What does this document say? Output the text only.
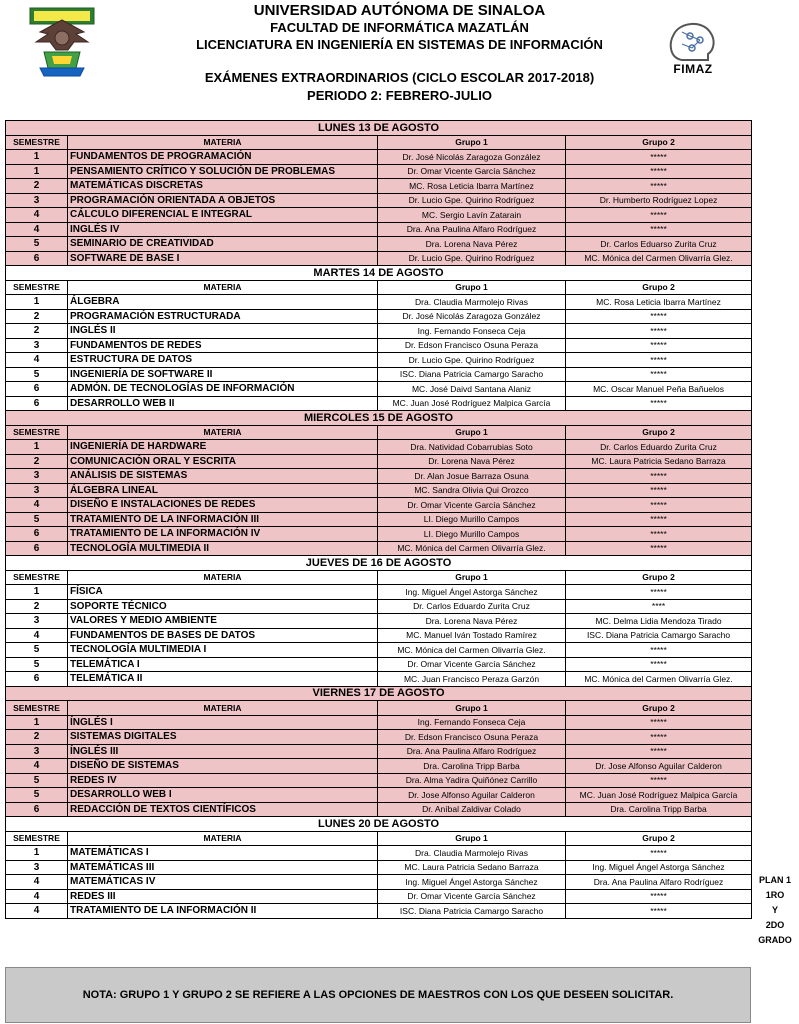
UNIVERSIDAD AUTÓNOMA DE SINALOA
FACULTAD DE INFORMÁTICA MAZATLÁN
LICENCIATURA EN INGENIERÍA EN SISTEMAS DE INFORMACIÓN
EXÁMENES EXTRAORDINARIOS (CICLO ESCOLAR 2017-2018)
PERIODO 2: FEBRERO-JULIO
FIMAZ
LUNES 13 DE AGOSTO			
SEMESTRE	MATERIA	Grupo 1	Grupo 2
1	FUNDAMENTOS DE PROGRAMACIÓN	Dr. José Nicolás Zaragoza González	*****
1	PENSAMIENTO CRÍTICO Y SOLUCIÓN DE PROBLEMAS	Dr. Omar Vicente García Sánchez	*****
2	MATEMÁTICAS DISCRETAS	MC. Rosa Leticia Ibarra Martínez	*****
3	PROGRAMACIÓN ORIENTADA A OBJETOS	Dr. Lucio Gpe. Quirino Rodríguez	Dr. Humberto Rodríguez Lopez
4	CÁLCULO DIFERENCIAL E INTEGRAL	MC. Sergio Lavín Zatarain	*****
4	INGLÉS IV	Dra. Ana Paulina Alfaro Rodríguez	*****
5	SEMINARIO DE CREATIVIDAD	Dra. Lorena Nava Pérez	Dr. Carlos Eduarso Zurita Cruz
6	SOFTWARE DE BASE I	Dr. Lucio Gpe. Quirino Rodríguez	MC. Mónica del Carmen Olivarría Glez.
MARTES 14 DE AGOSTO			
SEMESTRE	MATERIA	Grupo 1	Grupo 2
1	ÁLGEBRA	Dra. Claudia Marmolejo Rivas	MC. Rosa Leticia Ibarra Martínez
2	PROGRAMACIÓN ESTRUCTURADA	Dr. José Nicolás Zaragoza González	*****
2	INGLÉS II	Ing. Fernando Fonseca Ceja	*****
3	FUNDAMENTOS DE REDES	Dr. Edson Francisco Osuna Peraza	*****
4	ESTRUCTURA DE DATOS	Dr. Lucio Gpe. Quirino Rodríguez	*****
5	INGENIERÍA DE SOFTWARE II	ISC. Diana Patricia Camargo Saracho	*****
6	ADMÓN. DE TECNOLOGÍAS DE INFORMACIÓN	MC. José Daivd Santana Alaniz	MC. Oscar Manuel Peña Bañuelos
6	DESARROLLO WEB II	MC. Juan José Rodríguez Malpica García	*****
MIERCOLES 15 DE AGOSTO			
SEMESTRE	MATERIA	Grupo 1	Grupo 2
1	INGENIERÍA DE HARDWARE	Dra. Natividad Cobarrubias Soto	Dr. Carlos Eduardo Zurita Cruz
2	COMUNICACIÓN ORAL Y ESCRITA	Dr. Lorena Nava Pérez	MC. Laura Patricia Sedano Barraza
3	ANÁLISIS DE SISTEMAS	Dr. Alan Josue Barraza Osuna	*****
3	ÁLGEBRA LINEAL	MC. Sandra Olivia Qui Orozco	*****
4	DISEÑO E INSTALACIONES DE REDES	Dr. Omar Vicente García Sánchez	*****
5	TRATAMIENTO DE LA INFORMACIÓN III	LI. Diego Murillo Campos	*****
6	TRATAMIENTO DE LA INFORMACIÓN IV	LI. Diego Murillo Campos	*****
6	TECNOLOGÍA MULTIMEDIA II	MC. Mónica del Carmen Olivarría Glez.	*****
JUEVES DE 16 DE AGOSTO			
SEMESTRE	MATERIA	Grupo 1	Grupo 2
1	FÍSICA	Ing. Miguel Ángel Astorga Sánchez	*****
2	SOPORTE TÉCNICO	Dr. Carlos Eduardo Zurita Cruz	****
3	VALORES Y MEDIO AMBIENTE	Dra. Lorena Nava Pérez	MC. Delma Lidia Mendoza Tirado
4	FUNDAMENTOS DE BASES DE DATOS	MC. Manuel Iván Tostado Ramírez	ISC. Diana Patricia Camargo Saracho
5	TECNOLOGÍA MULTIMEDIA I	MC. Mónica del Carmen Olivarría Glez.	*****
5	TELEMÁTICA I	Dr. Omar Vicente García Sánchez	*****
6	TELEMÁTICA II	MC. Juan Francisco Peraza Garzón	MC. Mónica del Carmen Olivarría Glez.
VIERNES 17 DE AGOSTO			
SEMESTRE	MATERIA	Grupo 1	Grupo 2
1	ÍNGLÉS I	Ing. Fernando Fonseca Ceja	*****
2	SISTEMAS DIGITALES	Dr. Edson Francisco Osuna Peraza	*****
3	ÍNGLÉS III	Dra. Ana Paulina Alfaro Rodríguez	*****
4	DISEÑO DE SISTEMAS	Dra. Carolina Tripp Barba	Dr. Jose Alfonso Aguilar Calderon
5	REDES IV	Dra. Alma Yadira Quiñónez Carrillo	*****
5	DESARROLLO WEB I	Dr. Jose Alfonso Aguilar Calderon	MC. Juan José Rodríguez Malpica García
6	REDACCIÓN DE TEXTOS CIENTÍFICOS	Dr. Aníbal Zaldivar Colado	Dra. Carolina Tripp Barba
LUNES 20 DE AGOSTO			
SEMESTRE	MATERIA	Grupo 1	Grupo 2
1	MATEMÁTICAS I	Dra. Claudia Marmolejo Rivas	*****
3	MATEMÁTICAS III	MC. Laura Patricia Sedano Barraza	Ing. Miguel Ángel Astorga Sánchez
4	MATEMÁTICAS IV	Ing. Miguel Ángel Astorga Sánchez	Dra. Ana Paulina Alfaro Rodríguez
4	REDES III	Dr. Omar Vicente García Sánchez	*****
4	TRATAMIENTO DE LA INFORMACIÓN II	ISC. Diana Patricia Camargo Saracho	*****
PLAN 1
1RO
Y
2DO
GRADO
NOTA: GRUPO 1 Y GRUPO 2 SE REFIERE A LAS OPCIONES DE MAESTROS CON LOS QUE DESEEN SOLICITAR.
